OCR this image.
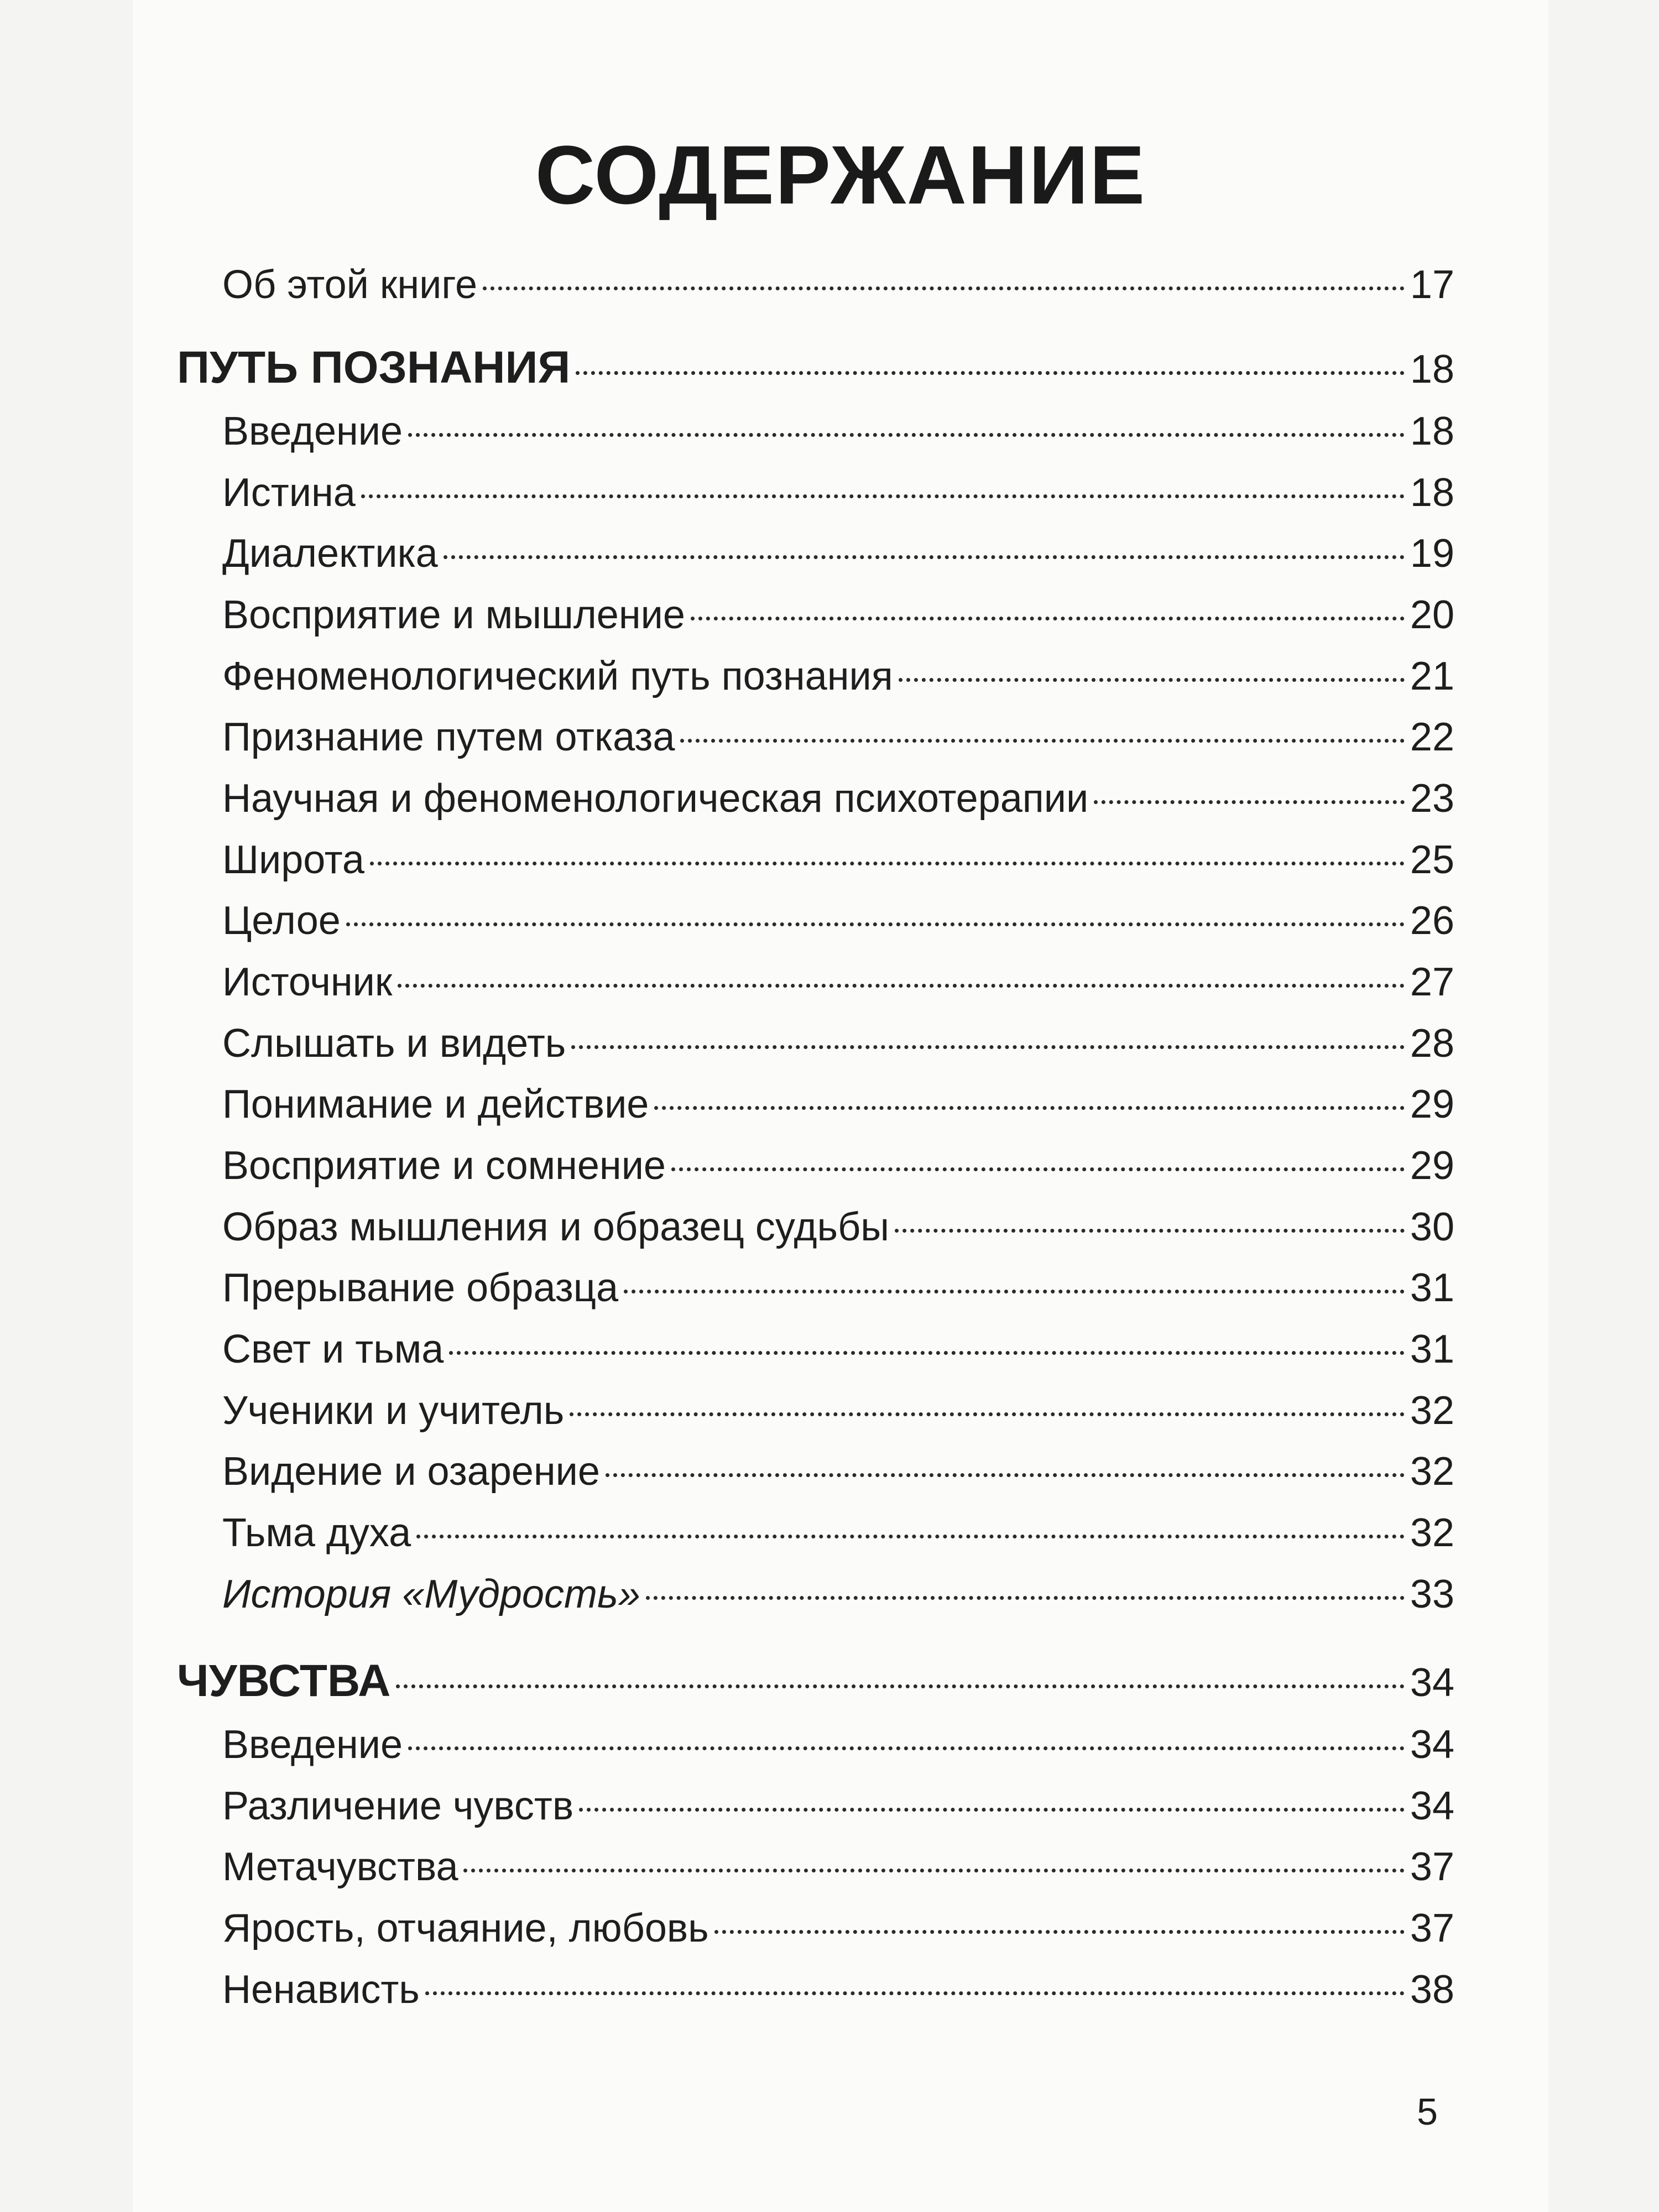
СОДЕРЖАНИЕ
Об этой книге	17
ПУТЬ ПОЗНАНИЯ	18
Введение	18
Истина	18
Диалектика	19
Восприятие и мышление	20
Феноменологический путь познания	21
Признание путем отказа	22
Научная и феноменологическая психотерапии	23
Широта	25
Целое	26
Источник	27
Слышать и видеть	28
Понимание и действие	29
Восприятие и сомнение	29
Образ мышления и образец судьбы	30
Прерывание образца	31
Свет и тьма	31
Ученики и учитель	32
Видение и озарение	32
Тьма духа	32
История «Мудрость»	33
ЧУВСТВА	34
Введение	34
Различение чувств	34
Метачувства	37
Ярость, отчаяние, любовь	37
Ненависть	38
5
